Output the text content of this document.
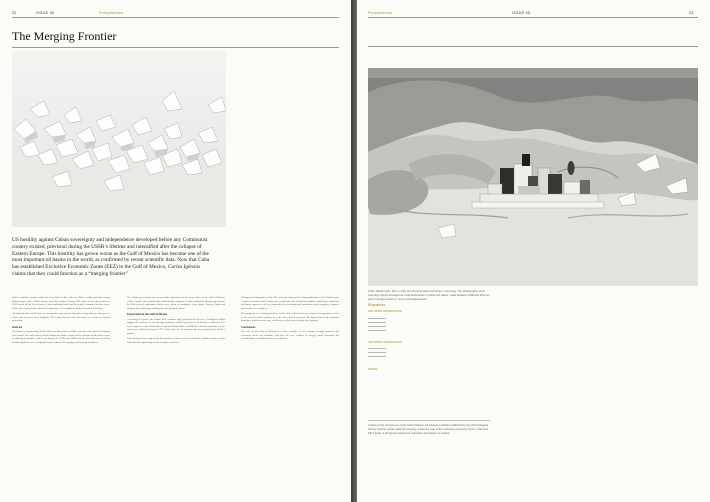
22	ISSUE 45	Perspectives
The Merging Frontier
US hostility against Cuban sovereignty and independence developed before any Communist country existed, previsoul during the USSR’s lifetime and intensified after the collapse of Eastern Europe. This hostility has grown worse as the Gulf of Mexico has become one of the most important oil basins in the world, as confirmed by recent scientific data. Now that Cuba has established Exclusive Economic Zones (EEZ) in the Gulf of Mexico, Carlos Iglesias claims that they could function as a “merging frontier”

Cuba’s national security model has been built in line with the Cuba’s reality, and takes many different prior since Cuba’s finance from the country. During 1962, when Soviet government in 1969 closed all the Soviet forces, Cuba established itself and its people’s situation in these areas. In the end of this period, which led many times of a completely different model of defense.

All national cities of this time as contrast the most current national security defense strategy to a whole that was thus more complete, The Cuban defense has relied also on a form of national protection.

State oil

The history of prospecting in the Gulf area dates back to 1946, when the first small oil deposits were found. The early surveys helped shape the further search for the offshore fields in the region in subsequent decades, and it was during the 1970s and 1980s that the first full surveys of the offshore platform were completed by the national oil company with foreign assistance.

The Cuban government has stressed that exploration in the deep waters of the Gulf of Mexico will be carried out in partnership with foreign companies, under production sharing agreements. In 2004 several exploration blocks were given to companies from Spain, Norway, India and Canada, and exploratory drilling has been going on since.

Exploration in the Gulf of Mexico

According to reports, the Cuban EEZ contains large potential oil reserves. Geological studies suggest the existence of several large structures, and the presence of oil has been confirmed. The area is part of a wider basin shared with the United States and Mexico, and the boundaries of the zones were settled by treaty in 1977. Since then, the demarcation has been respected by all three parties.

Some analysts have argued that the position of these reserves along the maritime border creates both risk and opportunity for the countries involved.

Perhaps most important, for the US, is the proximity of the Cuban platforms to the Florida coast. A spill or accident in the Cuban zone would affect the American coastline within days, which has led many experts to call for cooperation on environmental protection and emergency response between the two countries.

The prospects of a ‘merging frontier’ in the Gulf could lead to new forms of cooperation, as it is in the interest of both countries to secure these shared resources. The agreements on the maritime boundary, signed decades ago, could serve as the basis for joint development.

Conclusions

The case of the Gulf of Mexico is a clear example of how national security interests and economic needs can combine, and how the new realities of energy could encourage the normalisation of relations between neighbours.

Perspectives	ISSUE 45	23
Biographies
ART WORK INFORMATION
ART WORK INFORMATION
Artist: Marika Caliu. Born in Italy and currently lives and works in Germany. The photographs show everyday objects arranged as small landscapes on beds and tables, made between 2008 and 2012 as part of a larger series on home and displacement.
NOTES
1 Data on the oil reserves of the Gulf of Mexico are based on studies published by the US Geological Survey and the Cuban state oil company. 2 See the map of the exclusive economic zones in the Gulf, 1977 treaty. 3 All figures quoted are estimates and subject to revision.
